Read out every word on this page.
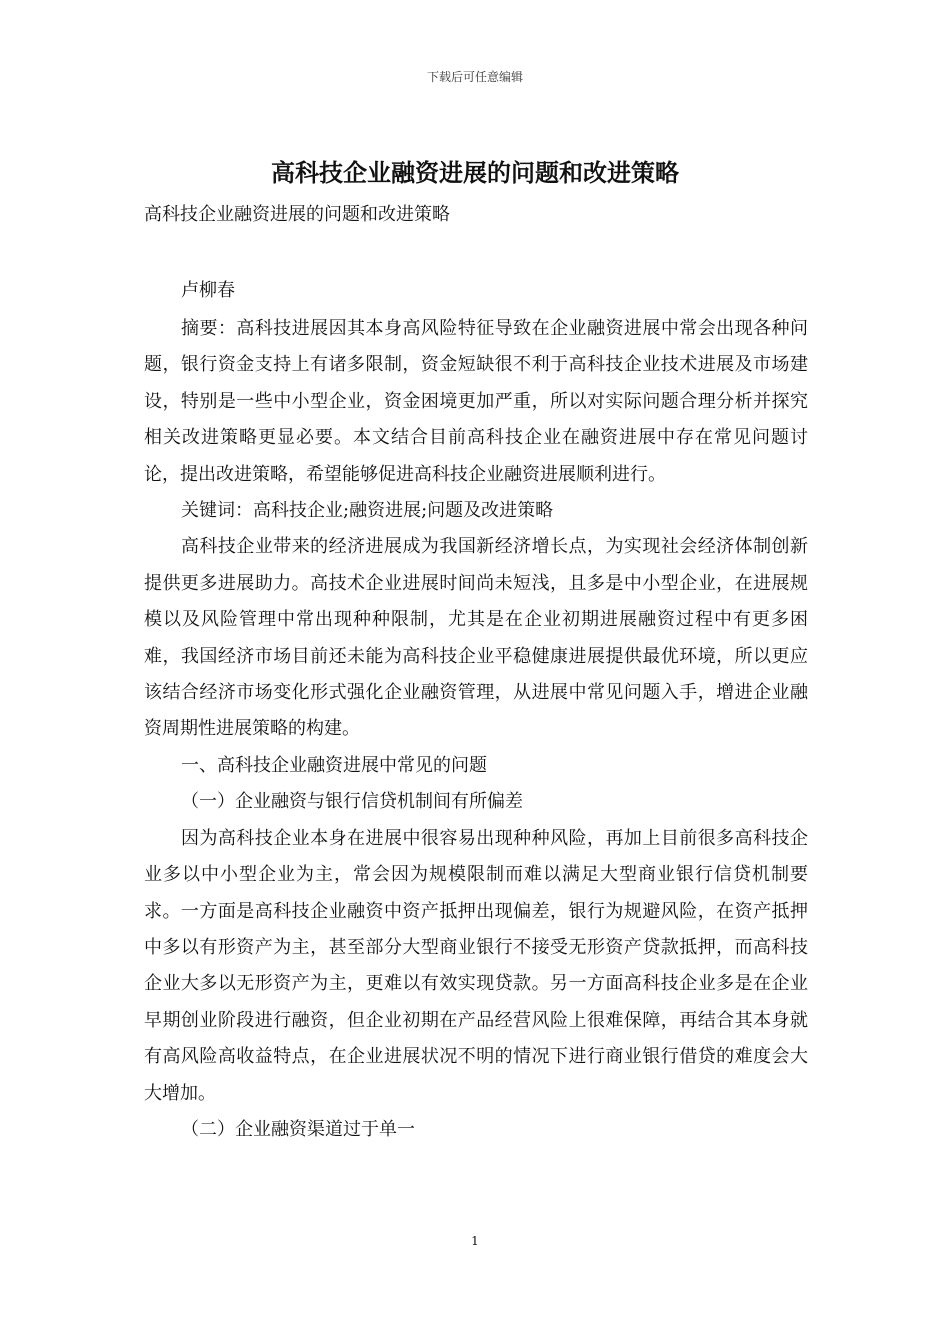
下载后可任意编辑
高科技企业融资进展的问题和改进策略
高科技企业融资进展的问题和改进策略
卢柳春

摘要：高科技进展因其本身高风险特征导致在企业融资进展中常会出现各种问题，银行资金支持上有诸多限制，资金短缺很不利于高科技企业技术进展及市场建设，特别是一些中小型企业，资金困境更加严重，所以对实际问题合理分析并探究相关改进策略更显必要。本文结合目前高科技企业在融资进展中存在常见问题讨论，提出改进策略，希望能够促进高科技企业融资进展顺利进行。

关键词：高科技企业;融资进展;问题及改进策略

高科技企业带来的经济进展成为我国新经济增长点，为实现社会经济体制创新提供更多进展助力。高技术企业进展时间尚未短浅，且多是中小型企业，在进展规模以及风险管理中常出现种种限制，尤其是在企业初期进展融资过程中有更多困难，我国经济市场目前还未能为高科技企业平稳健康进展提供最优环境，所以更应该结合经济市场变化形式强化企业融资管理，从进展中常见问题入手，增进企业融资周期性进展策略的构建。

一、高科技企业融资进展中常见的问题

（一）企业融资与银行信贷机制间有所偏差

因为高科技企业本身在进展中很容易出现种种风险，再加上目前很多高科技企业多以中小型企业为主，常会因为规模限制而难以满足大型商业银行信贷机制要求。一方面是高科技企业融资中资产抵押出现偏差，银行为规避风险，在资产抵押中多以有形资产为主，甚至部分大型商业银行不接受无形资产贷款抵押，而高科技企业大多以无形资产为主，更难以有效实现贷款。另一方面高科技企业多是在企业早期创业阶段进行融资，但企业初期在产品经营风险上很难保障，再结合其本身就有高风险高收益特点，在企业进展状况不明的情况下进行商业银行借贷的难度会大大增加。

（二）企业融资渠道过于单一

1
